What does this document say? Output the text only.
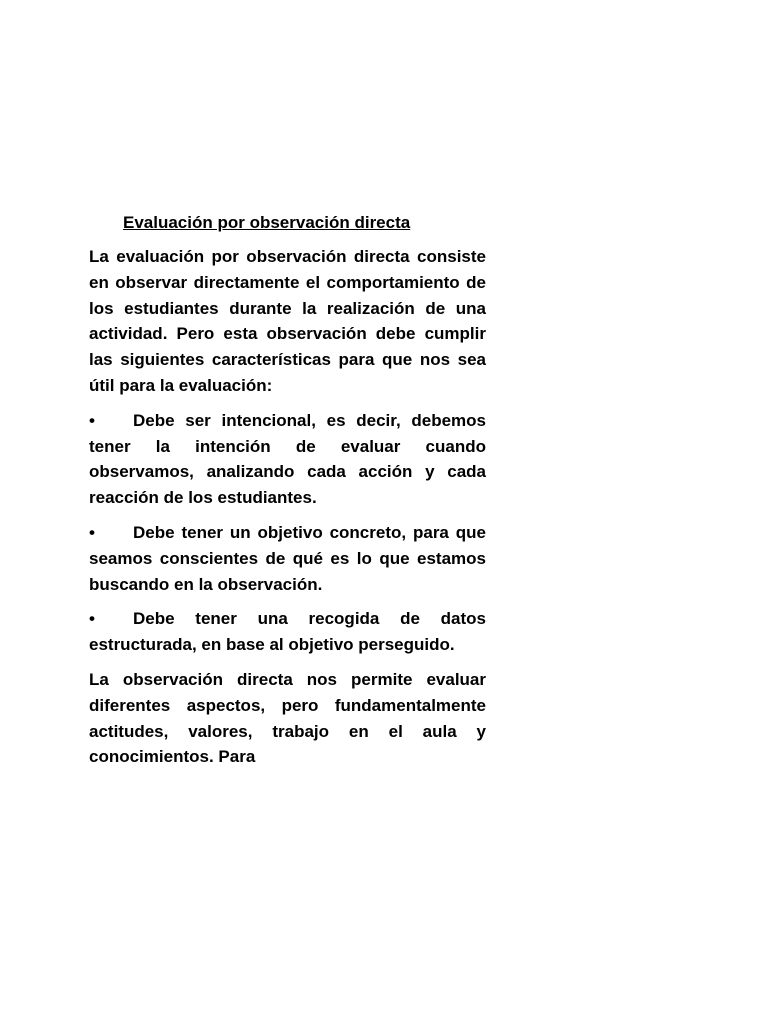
Evaluación por observación directa

La evaluación por observación directa consiste en observar directamente el comportamiento de los estudiantes durante la realización de una actividad. Pero esta observación debe cumplir las siguientes características para que nos sea útil para la evaluación:

• Debe ser intencional, es decir, debemos tener la intención de evaluar cuando observamos, analizando cada acción y cada reacción de los estudiantes.

• Debe tener un objetivo concreto, para que seamos conscientes de qué es lo que estamos buscando en la observación.

• Debe tener una recogida de datos estructurada, en base al objetivo perseguido.

La observación directa nos permite evaluar diferentes aspectos, pero fundamentalmente actitudes, valores, trabajo en el aula y conocimientos. Para
